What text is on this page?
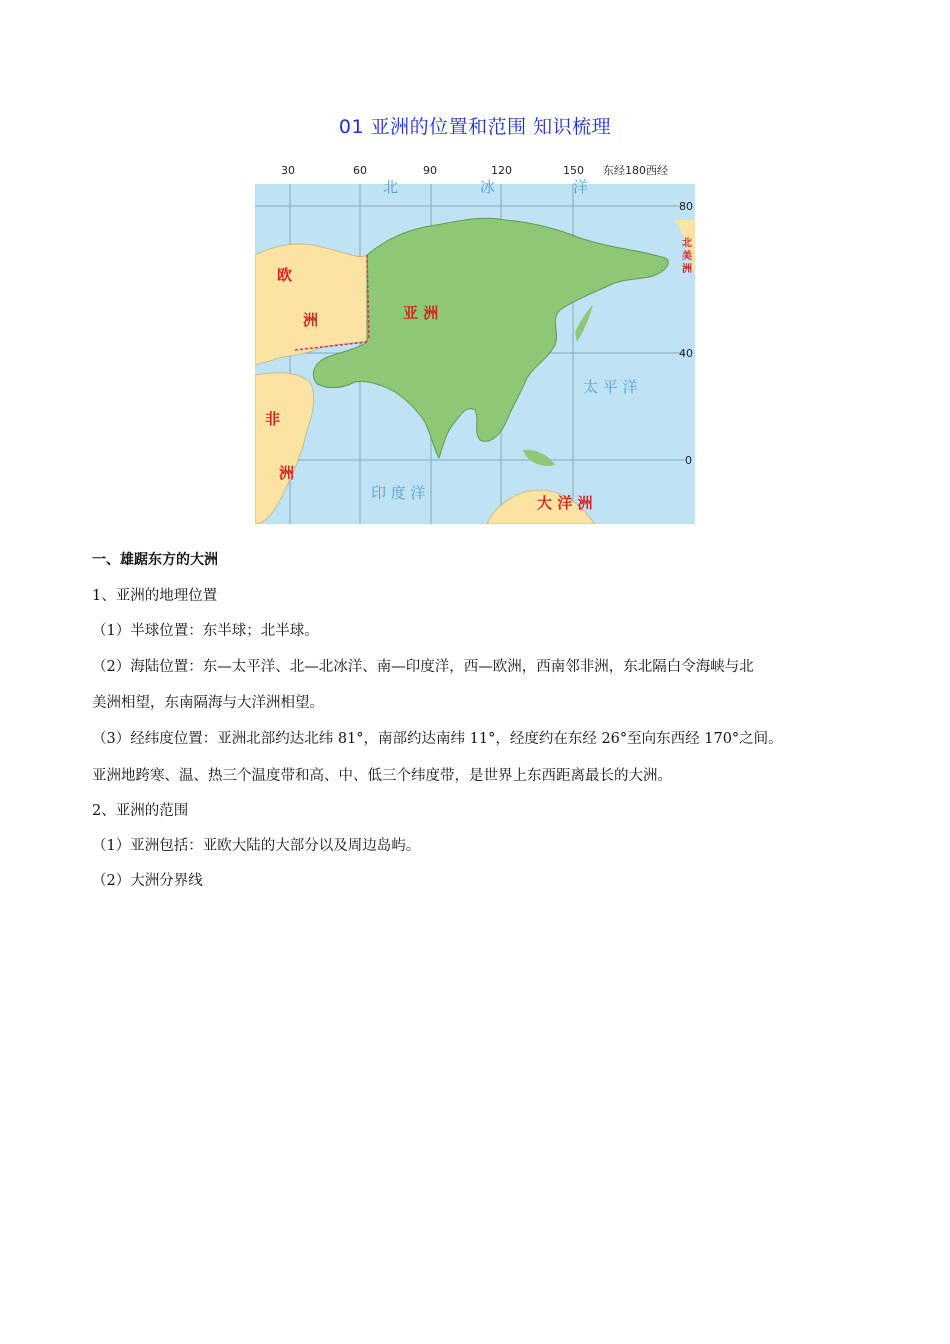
01 亚洲的位置和范围 知识梳理
30	60	90	120	150 东经180西经
80
40
0
北	冰	洋
太 平 洋
印 度 洋
亚 洲
欧
洲
非
洲
大 洋 洲
北
美
洲
一、雄踞东方的大洲
1、亚洲的地理位置
（1）半球位置：东半球；北半球。
（2）海陆位置：东—太平洋、北—北冰洋、南—印度洋，西—欧洲，西南邻非洲，东北隔白令海峡与北
美洲相望，东南隔海与大洋洲相望。
（3）经纬度位置：亚洲北部约达北纬 81°，南部约达南纬 11°，经度约在东经 26°至向东西经 170°之间。
亚洲地跨寒、温、热三个温度带和高、中、低三个纬度带，是世界上东西距离最长的大洲。
2、亚洲的范围
（1）亚洲包括：亚欧大陆的大部分以及周边岛屿。
（2）大洲分界线
